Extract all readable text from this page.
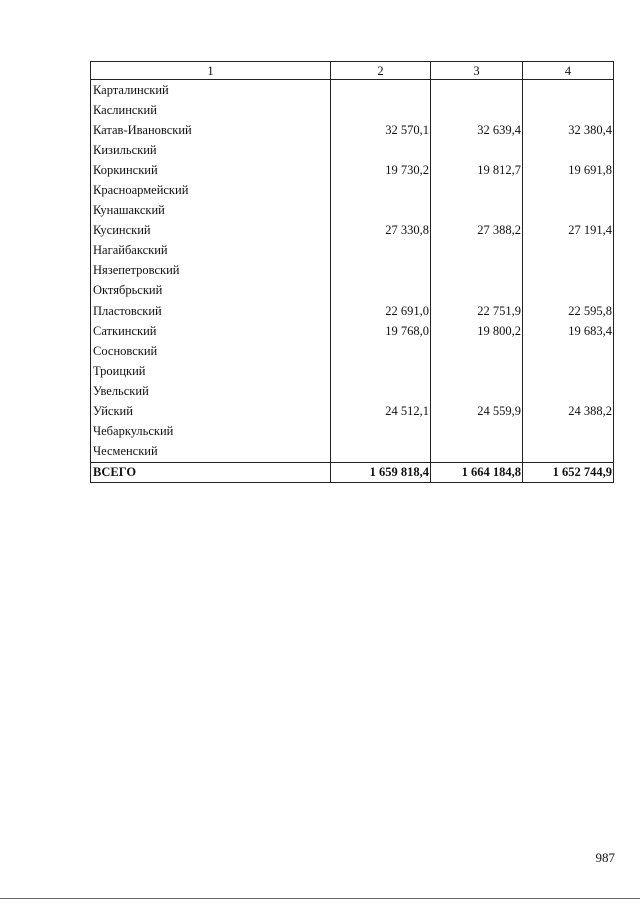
1	2	3	4
Карталинский			
Каслинский			
Катав-Ивановский	32 570,1	32 639,4	32 380,4
Кизильский			
Коркинский	19 730,2	19 812,7	19 691,8
Красноармейский			
Кунашакский			
Кусинский	27 330,8	27 388,2	27 191,4
Нагайбакский			
Нязепетровский			
Октябрьский			
Пластовский	22 691,0	22 751,9	22 595,8
Саткинский	19 768,0	19 800,2	19 683,4
Сосновский			
Троицкий			
Увельский			
Уйский	24 512,1	24 559,9	24 388,2
Чебаркульский			
Чесменский			
ВСЕГО	1 659 818,4	1 664 184,8	1 652 744,9
987
